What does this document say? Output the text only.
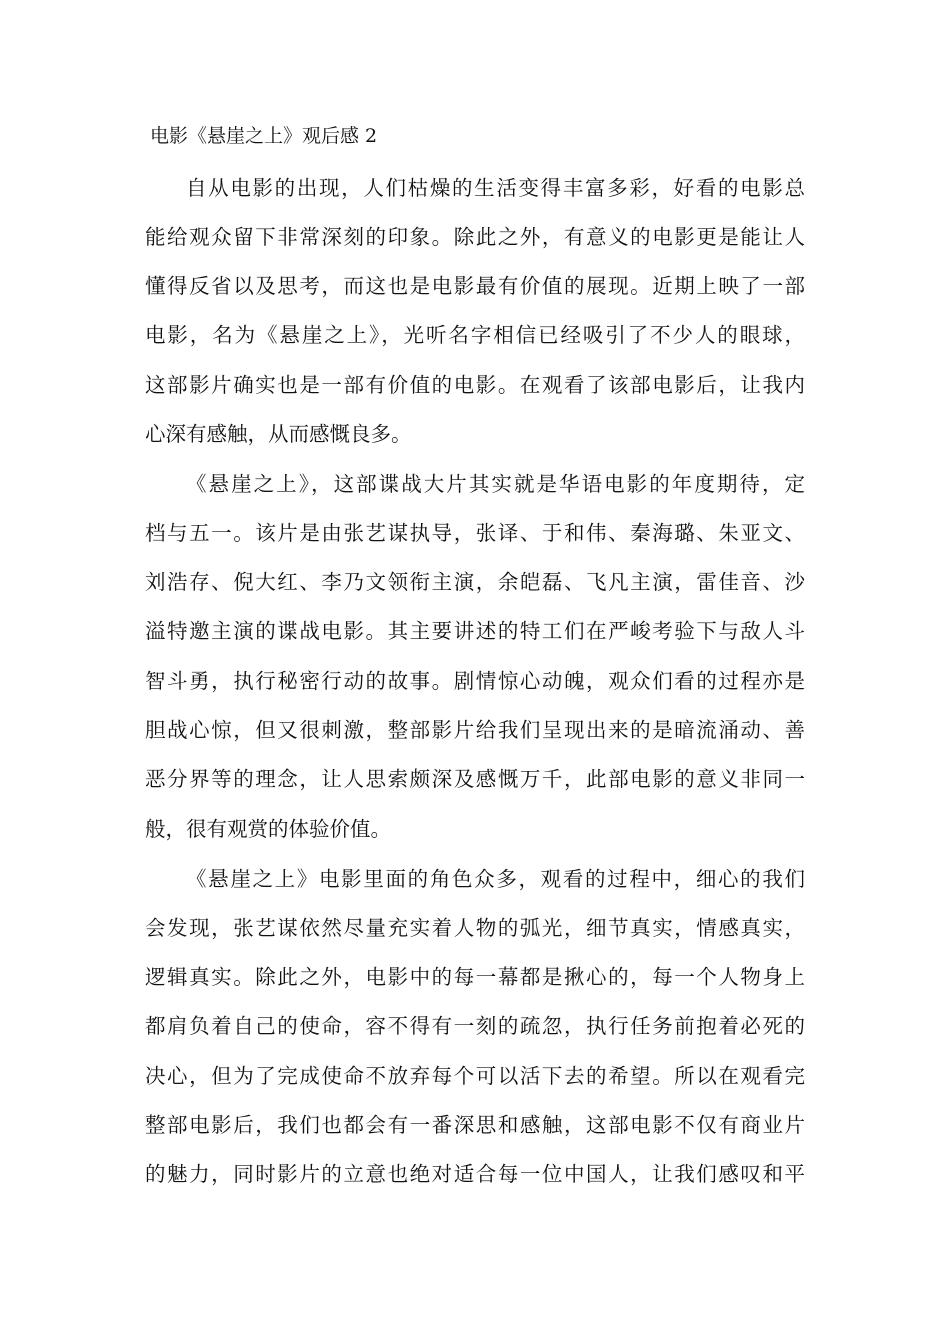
电影《悬崖之上》观后感 2
自从电影的出现，人们枯燥的生活变得丰富多彩，好看的电影总
能给观众留下非常深刻的印象。除此之外，有意义的电影更是能让人
懂得反省以及思考，而这也是电影最有价值的展现。近期上映了一部
电影，名为《悬崖之上》，光听名字相信已经吸引了不少人的眼球，
这部影片确实也是一部有价值的电影。在观看了该部电影后，让我内
心深有感触，从而感慨良多。
《悬崖之上》，这部谍战大片其实就是华语电影的年度期待，定
档与五一。该片是由张艺谋执导，张译、于和伟、秦海璐、朱亚文、
刘浩存、倪大红、李乃文领衔主演，余皑磊、飞凡主演，雷佳音、沙
溢特邀主演的谍战电影。其主要讲述的特工们在严峻考验下与敌人斗
智斗勇，执行秘密行动的故事。剧情惊心动魄，观众们看的过程亦是
胆战心惊，但又很刺激，整部影片给我们呈现出来的是暗流涌动、善
恶分界等的理念，让人思索颇深及感慨万千，此部电影的意义非同一
般，很有观赏的体验价值。
《悬崖之上》电影里面的角色众多，观看的过程中，细心的我们
会发现，张艺谋依然尽量充实着人物的弧光，细节真实，情感真实，
逻辑真实。除此之外，电影中的每一幕都是揪心的，每一个人物身上
都肩负着自己的使命，容不得有一刻的疏忽，执行任务前抱着必死的
决心，但为了完成使命不放弃每个可以活下去的希望。所以在观看完
整部电影后，我们也都会有一番深思和感触，这部电影不仅有商业片
的魅力，同时影片的立意也绝对适合每一位中国人，让我们感叹和平
